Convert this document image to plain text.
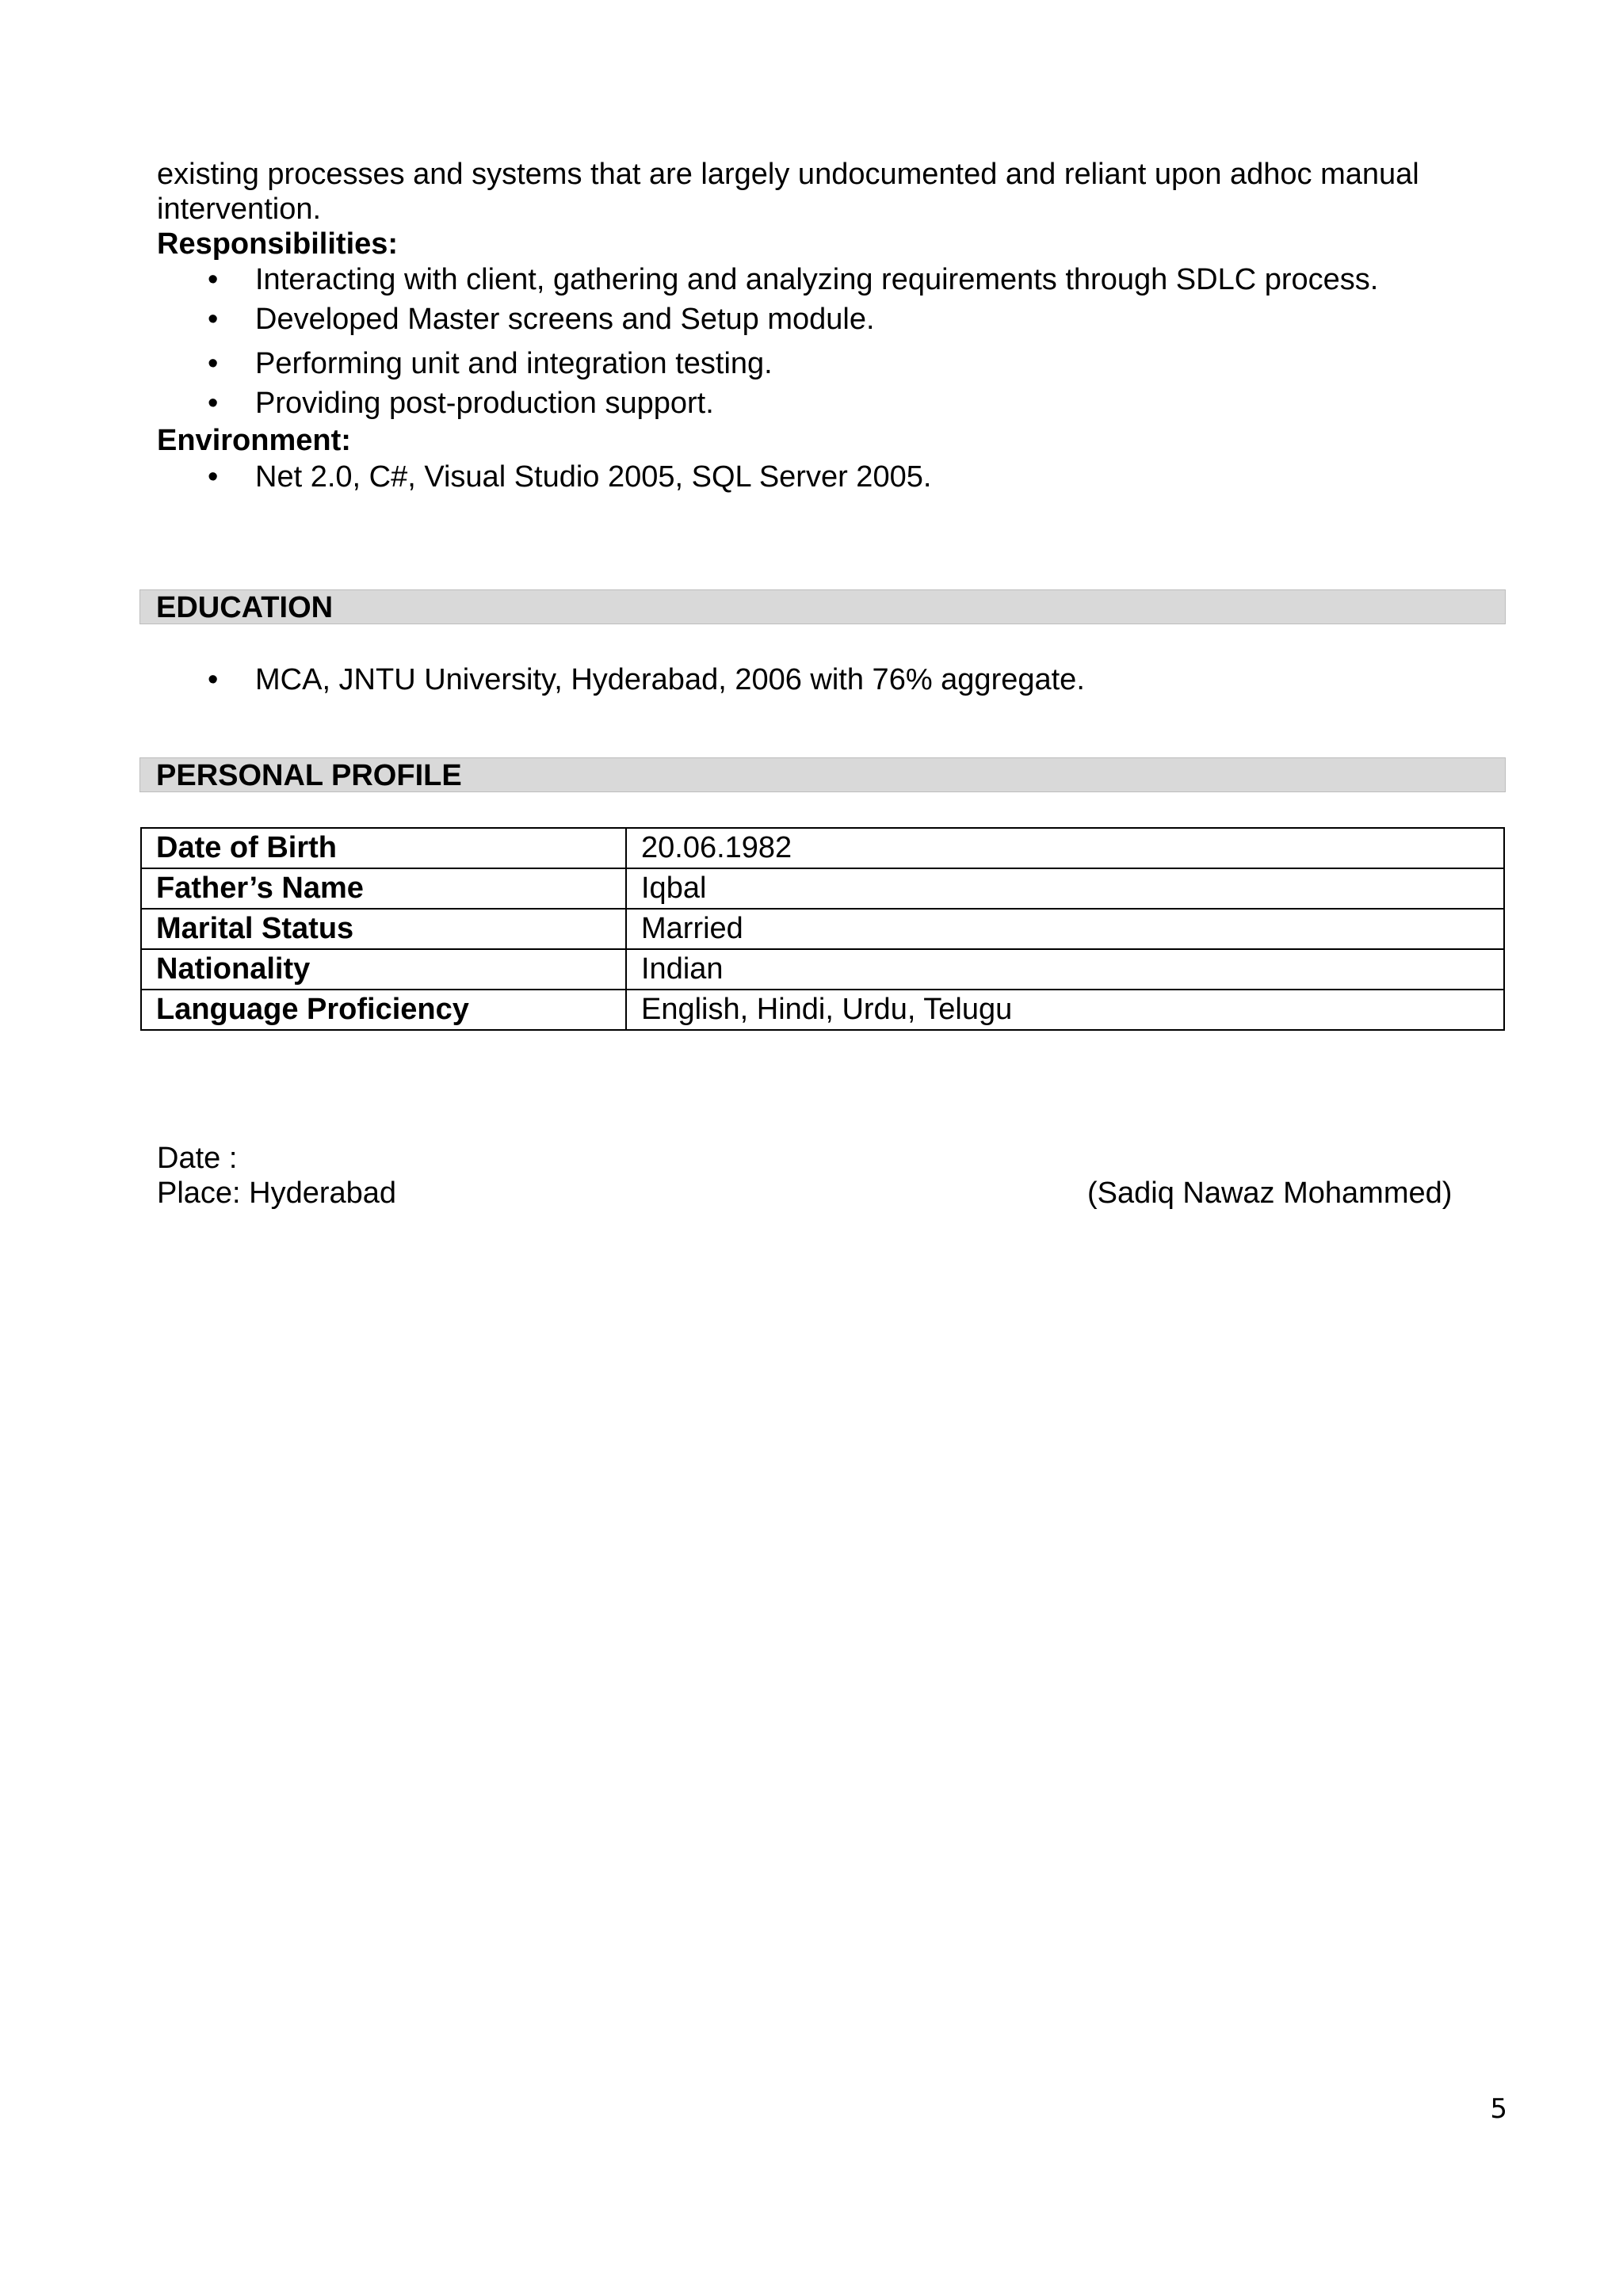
existing processes and systems that are largely undocumented and reliant upon adhoc manual
intervention.
Responsibilities:
• Interacting with client, gathering and analyzing requirements through SDLC process.
• Developed Master screens and Setup module.
• Performing unit and integration testing.
• Providing post-production support.
Environment:
• Net 2.0, C#, Visual Studio 2005, SQL Server 2005.
EDUCATION
• MCA, JNTU University, Hyderabad, 2006 with 76% aggregate.
PERSONAL PROFILE
Date of Birth	20.06.1982
Father’s Name	Iqbal
Marital Status	Married
Nationality	Indian
Language Proficiency	English, Hindi, Urdu, Telugu
Date :
Place: Hyderabad	(Sadiq Nawaz Mohammed)
5
